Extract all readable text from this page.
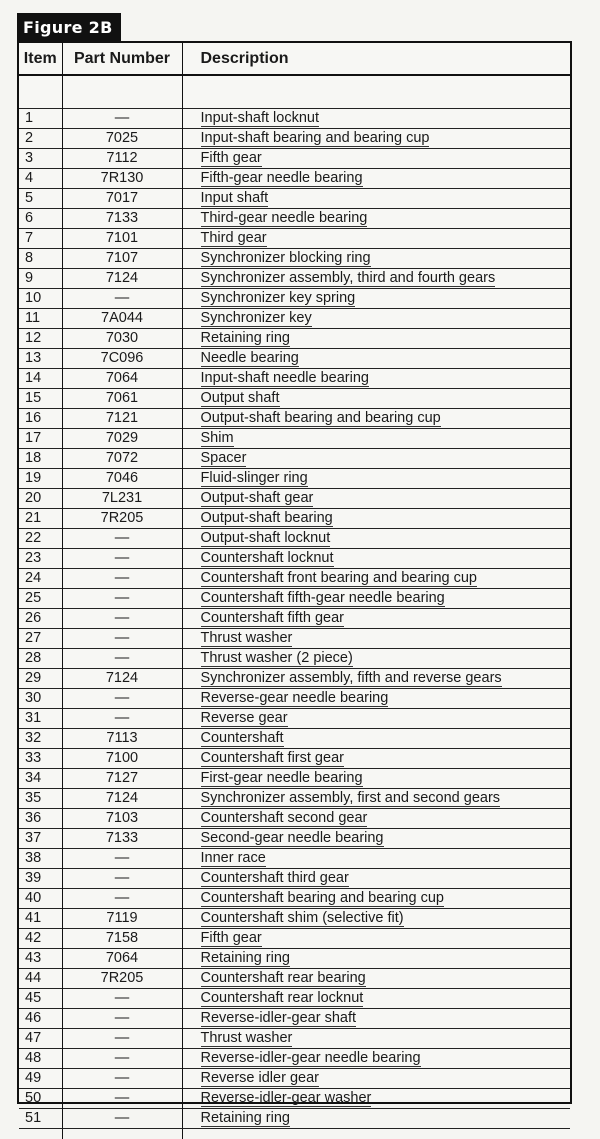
Figure 2B
Item	Part Number	Description

1	—	Input-shaft locknut
2	7025	Input-shaft bearing and bearing cup
3	7112	Fifth gear
4	7R130	Fifth-gear needle bearing
5	7017	Input shaft
6	7133	Third-gear needle bearing
7	7101	Third gear
8	7107	Synchronizer blocking ring
9	7124	Synchronizer assembly, third and fourth gears
10	—	Synchronizer key spring
11	7A044	Synchronizer key
12	7030	Retaining ring
13	7C096	Needle bearing
14	7064	Input-shaft needle bearing
15	7061	Output shaft
16	7121	Output-shaft bearing and bearing cup
17	7029	Shim
18	7072	Spacer
19	7046	Fluid-slinger ring
20	7L231	Output-shaft gear
21	7R205	Output-shaft bearing
22	—	Output-shaft locknut
23	—	Countershaft locknut
24	—	Countershaft front bearing and bearing cup
25	—	Countershaft fifth-gear needle bearing
26	—	Countershaft fifth gear
27	—	Thrust washer
28	—	Thrust washer (2 piece)
29	7124	Synchronizer assembly, fifth and reverse gears
30	—	Reverse-gear needle bearing
31	—	Reverse gear
32	7113	Countershaft
33	7100	Countershaft first gear
34	7127	First-gear needle bearing
35	7124	Synchronizer assembly, first and second gears
36	7103	Countershaft second gear
37	7133	Second-gear needle bearing
38	—	Inner race
39	—	Countershaft third gear
40	—	Countershaft bearing and bearing cup
41	7119	Countershaft shim (selective fit)
42	7158	Fifth gear
43	7064	Retaining ring
44	7R205	Countershaft rear bearing
45	—	Countershaft rear locknut
46	—	Reverse-idler-gear shaft
47	—	Thrust washer
48	—	Reverse-idler-gear needle bearing
49	—	Reverse idler gear
50	—	Reverse-idler-gear washer
51	—	Retaining ring
